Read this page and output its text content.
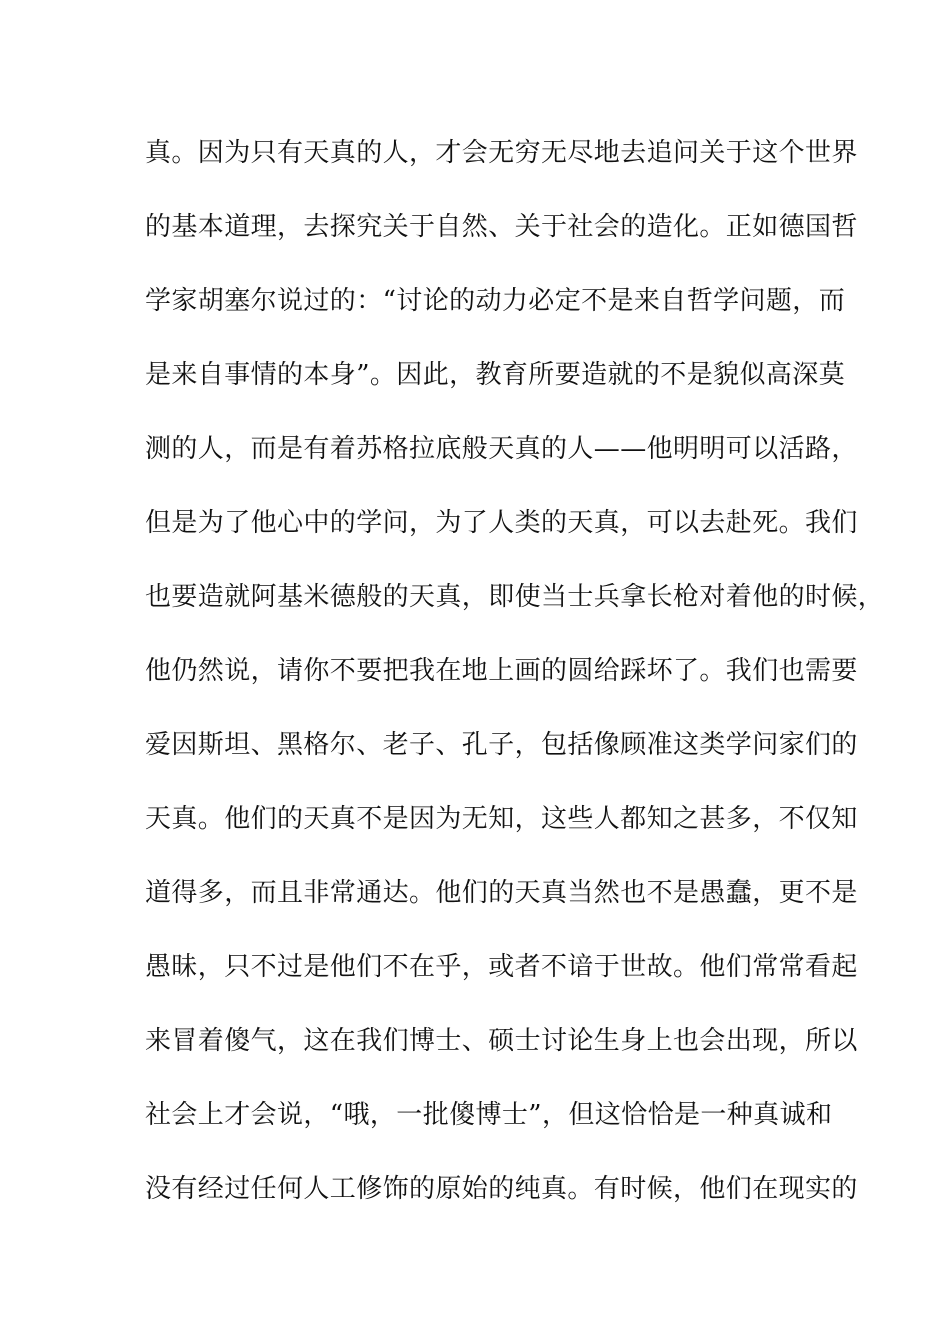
真。因为只有天真的人，才会无穷无尽地去追问关于这个世界
的基本道理，去探究关于自然、关于社会的造化。正如德国哲
学家胡塞尔说过的：“讨论的动力必定不是来自哲学问题，而
是来自事情的本身”。因此，教育所要造就的不是貌似高深莫
测的人，而是有着苏格拉底般天真的人——他明明可以活路，
但是为了他心中的学问，为了人类的天真，可以去赴死。我们
也要造就阿基米德般的天真，即使当士兵拿长枪对着他的时候，
他仍然说，请你不要把我在地上画的圆给踩坏了。我们也需要
爱因斯坦、黑格尔、老子、孔子，包括像顾准这类学问家们的
天真。他们的天真不是因为无知，这些人都知之甚多，不仅知
道得多，而且非常通达。他们的天真当然也不是愚蠢，更不是
愚昧，只不过是他们不在乎，或者不谙于世故。他们常常看起
来冒着傻气，这在我们博士、硕士讨论生身上也会出现，所以
社会上才会说，“哦，一批傻博士”，但这恰恰是一种真诚和
没有经过任何人工修饰的原始的纯真。有时候，他们在现实的
